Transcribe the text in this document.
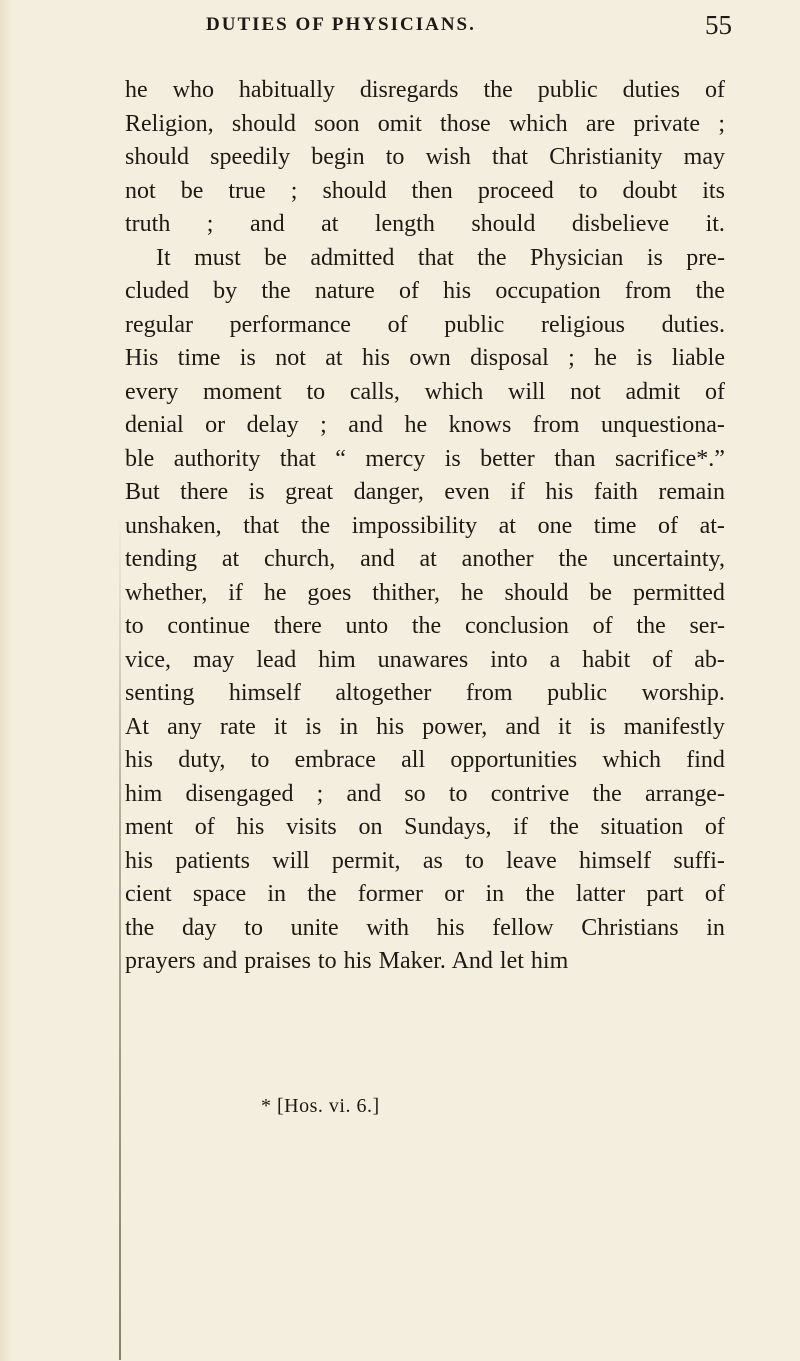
DUTIES OF PHYSICIANS.	55
he who habitually disregards the public duties of
Religion, should soon omit those which are private ;
should speedily begin to wish that Christianity may
not be true ; should then proceed to doubt its
truth ; and at length should disbelieve it.
It must be admitted that the Physician is pre-
cluded by the nature of his occupation from the
regular performance of public religious duties.
His time is not at his own disposal ; he is liable
every moment to calls, which will not admit of
denial or delay ; and he knows from unquestiona-
ble authority that “ mercy is better than sacrifice*.”
But there is great danger, even if his faith remain
unshaken, that the impossibility at one time of at-
tending at church, and at another the uncertainty,
whether, if he goes thither, he should be permitted
to continue there unto the conclusion of the ser-
vice, may lead him unawares into a habit of ab-
senting himself altogether from public worship.
At any rate it is in his power, and it is manifestly
his duty, to embrace all opportunities which find
him disengaged ; and so to contrive the arrange-
ment of his visits on Sundays, if the situation of
his patients will permit, as to leave himself suffi-
cient space in the former or in the latter part of
the day to unite with his fellow Christians in
prayers and praises to his Maker. And let him
* [Hos. vi. 6.]
